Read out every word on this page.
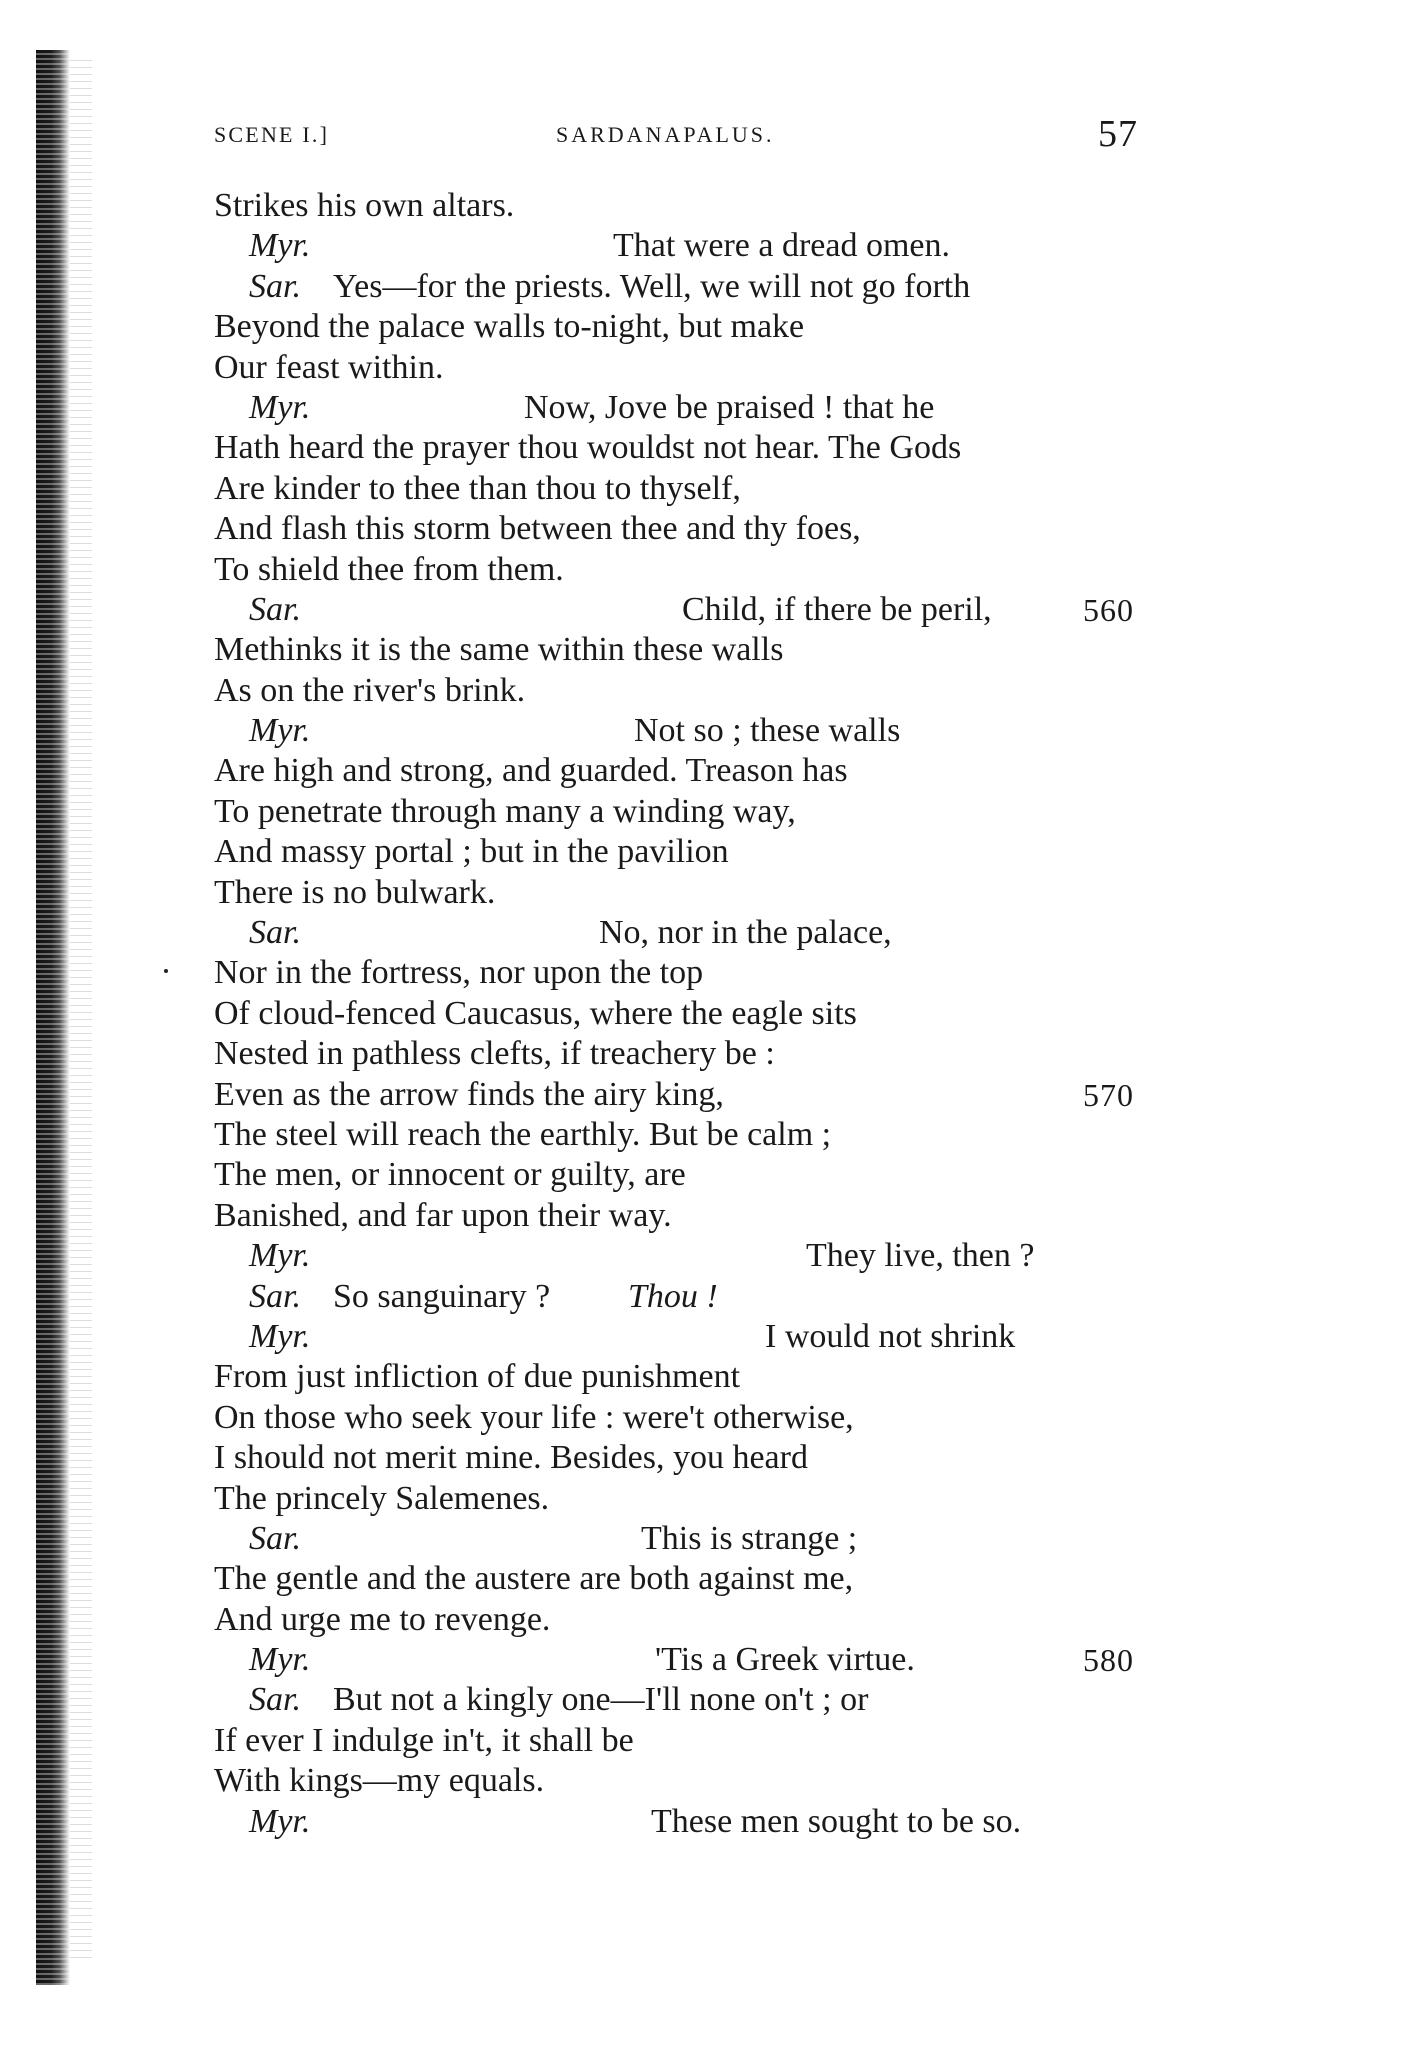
SCENE I.]	SARDANAPALUS.	57
Strikes his own altars.
Myr.	That were a dread omen.
Sar. Yes—for the priests. Well, we will not go forth
Beyond the palace walls to-night, but make
Our feast within.
Myr.	Now, Jove be praised ! that he
Hath heard the prayer thou wouldst not hear. The Gods
Are kinder to thee than thou to thyself,
And flash this storm between thee and thy foes,
To shield thee from them.
Sar.	Child, if there be peril,	560
Methinks it is the same within these walls
As on the river's brink.
Myr.	Not so ; these walls
Are high and strong, and guarded. Treason has
To penetrate through many a winding way,
And massy portal ; but in the pavilion
There is no bulwark.
Sar.	No, nor in the palace,
Nor in the fortress, nor upon the top
Of cloud-fenced Caucasus, where the eagle sits
Nested in pathless clefts, if treachery be :
Even as the arrow finds the airy king,	570
The steel will reach the earthly. But be calm ;
The men, or innocent or guilty, are
Banished, and far upon their way.
Myr.	They live, then ?
Sar. So sanguinary ? Thou !
Myr.	I would not shrink
From just infliction of due punishment
On those who seek your life : were't otherwise,
I should not merit mine. Besides, you heard
The princely Salemenes.
Sar.	This is strange ;
The gentle and the austere are both against me,
And urge me to revenge.
Myr.	'Tis a Greek virtue.	580
Sar. But not a kingly one—I'll none on't ; or
If ever I indulge in't, it shall be
With kings—my equals.
Myr.	These men sought to be so.
